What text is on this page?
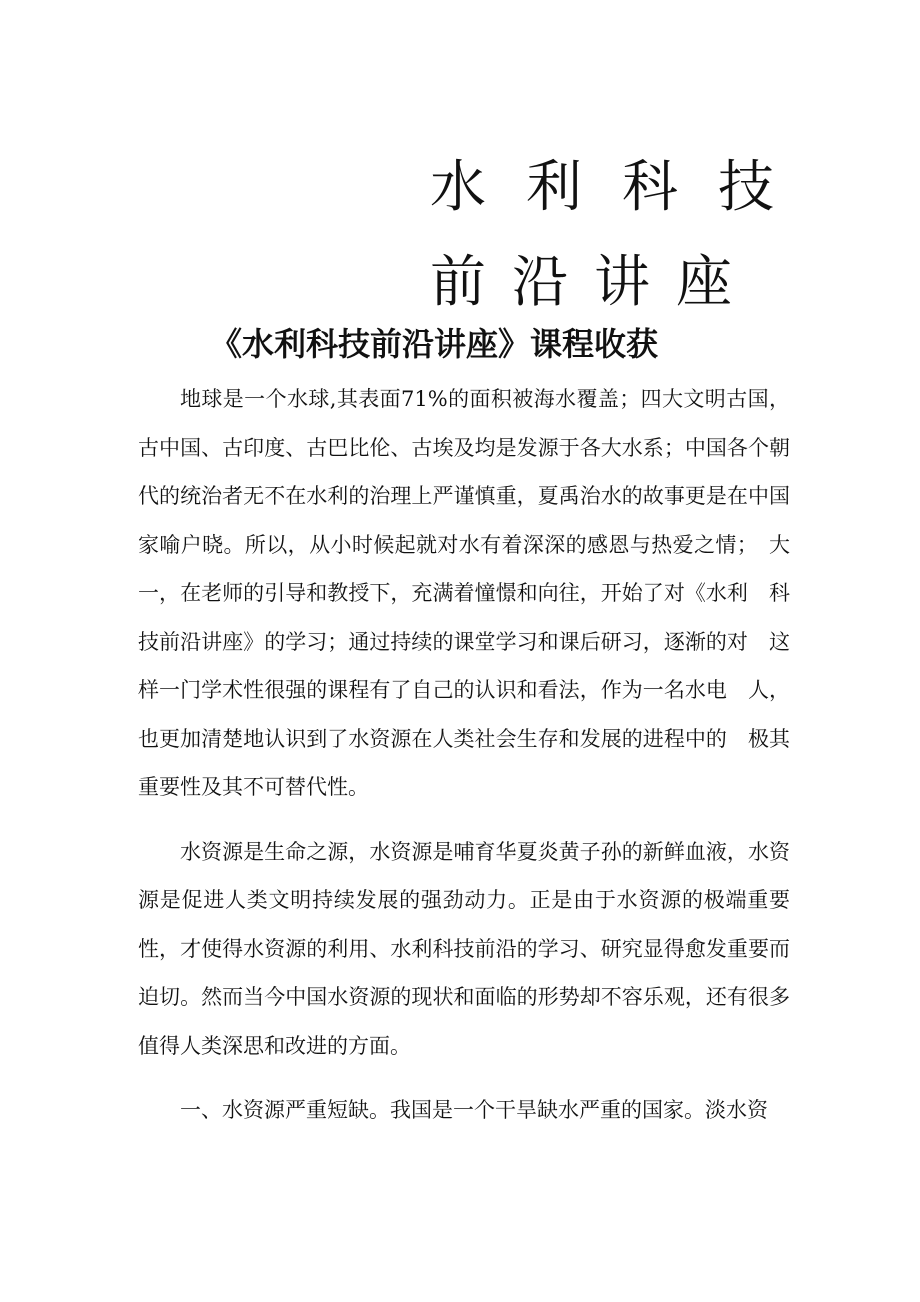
水利科技
前沿讲座
《水利科技前沿讲座》课程收获

地球是一个水球,其表面71%的面积被海水覆盖；四大文明古国，古中国、古印度、古巴比伦、古埃及均是发源于各大水系；中国各个朝代的统治者无不在水利的治理上严谨慎重，夏禹治水的故事更是在中国家喻户晓。所以，从小时候起就对水有着深深的感恩与热爱之情；　大一，在老师的引导和教授下，充满着憧憬和向往，开始了对《水利　科技前沿讲座》的学习；通过持续的课堂学习和课后研习，逐渐的对　这样一门学术性很强的课程有了自己的认识和看法，作为一名水电　人，也更加清楚地认识到了水资源在人类社会生存和发展的进程中的　极其重要性及其不可替代性。

水资源是生命之源，水资源是哺育华夏炎黄子孙的新鲜血液，水资源是促进人类文明持续发展的强劲动力。正是由于水资源的极端重要性，才使得水资源的利用、水利科技前沿的学习、研究显得愈发重要而迫切。然而当今中国水资源的现状和面临的形势却不容乐观，还有很多值得人类深思和改进的方面。

一、水资源严重短缺。我国是一个干旱缺水严重的国家。淡水资
